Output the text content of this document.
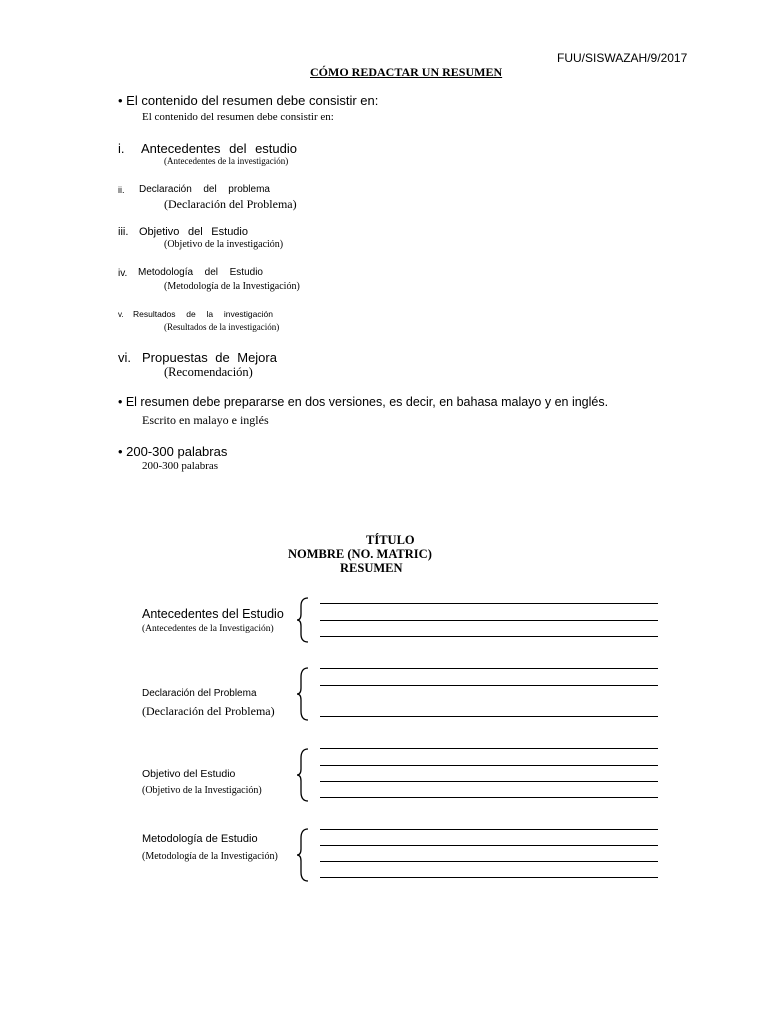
FUU/SISWAZAH/9/2017
CÓMO REDACTAR UN RESUMEN
• El contenido del resumen debe consistir en:
El contenido del resumen debe consistir en:
i. Antecedentes del estudio
(Antecedentes de la investigación)
ii. Declaración del problema
(Declaración del Problema)
iii. Objetivo del Estudio
(Objetivo de la investigación)
iv. Metodología del Estudio
(Metodología de la Investigación)
v. Resultados de la investigación
(Resultados de la investigación)
vi. Propuestas de Mejora
(Recomendación)
• El resumen debe prepararse en dos versiones, es decir, en bahasa malayo y en inglés.
Escrito en malayo e inglés
• 200-300 palabras
200-300 palabras
TÍTULO
NOMBRE (NO. MATRIC)
RESUMEN
Antecedentes del Estudio
(Antecedentes de la Investigación)
Declaración del Problema
(Declaración del Problema)
Objetivo del Estudio
(Objetivo de la Investigación)
Metodología de Estudio
(Metodología de la Investigación)
